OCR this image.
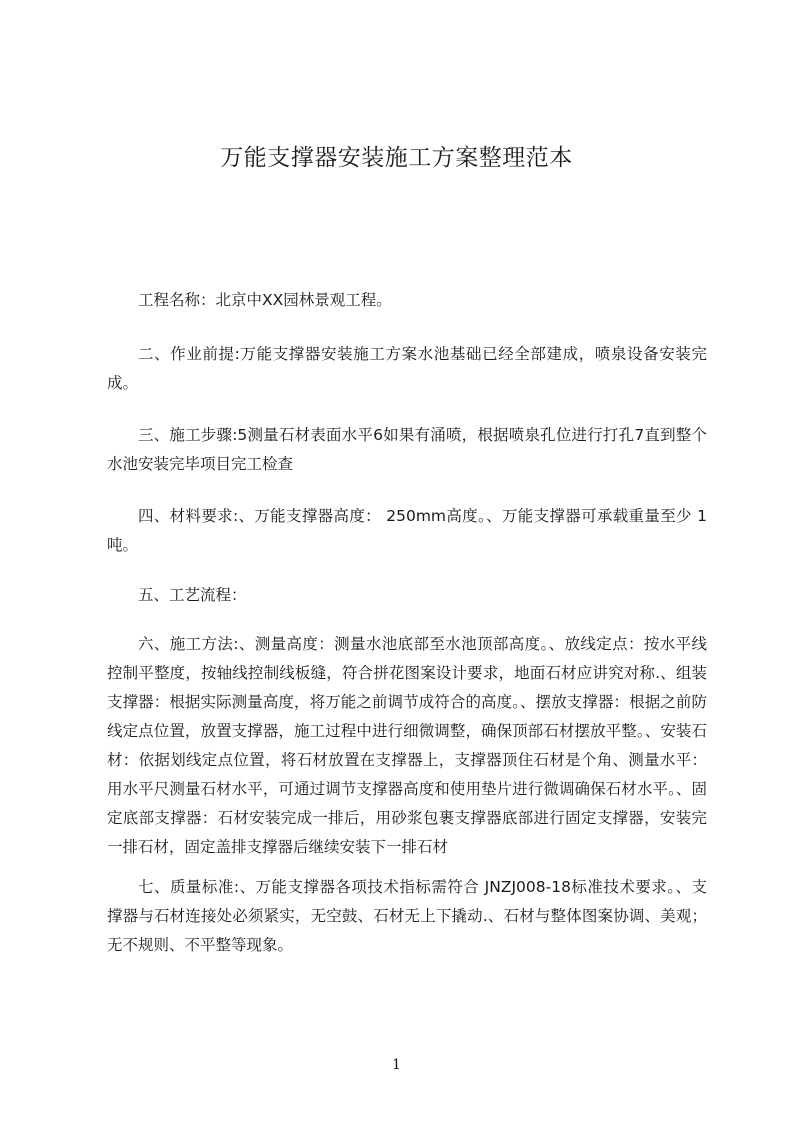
万能支撑器安装施工方案整理范本
工程名称：北京中XX园林景观工程。
二、作业前提:万能支撑器安装施工方案水池基础已经全部建成，喷泉设备安装完成。
三、施工步骤:5测量石材表面水平6如果有涌喷，根据喷泉孔位进行打孔7直到整个水池安装完毕项目完工检查
四、材料要求:、万能支撑器高度： 250mm高度。、万能支撑器可承载重量至少 1吨。
五、工艺流程：
六、施工方法:、测量高度：测量水池底部至水池顶部高度。、放线定点：按水平线控制平整度，按轴线控制线板缝，符合拼花图案设计要求，地面石材应讲究对称.、组装支撑器：根据实际测量高度，将万能之前调节成符合的高度。、摆放支撑器：根据之前防线定点位置，放置支撑器，施工过程中进行细微调整，确保顶部石材摆放平整。、安装石材：依据划线定点位置，将石材放置在支撑器上，支撑器顶住石材是个角、测量水平：用水平尺测量石材水平，可通过调节支撑器高度和使用垫片进行微调确保石材水平。、固定底部支撑器：石材安装完成一排后，用砂浆包裹支撑器底部进行固定支撑器，安装完一排石材，固定盖排支撑器后继续安装下一排石材
七、质量标准:、万能支撑器各项技术指标需符合 JNZJ008-18标准技术要求。、支撑器与石材连接处必须紧实，无空鼓、石材无上下撬动.、石材与整体图案协调、美观；无不规则、不平整等现象。
1
